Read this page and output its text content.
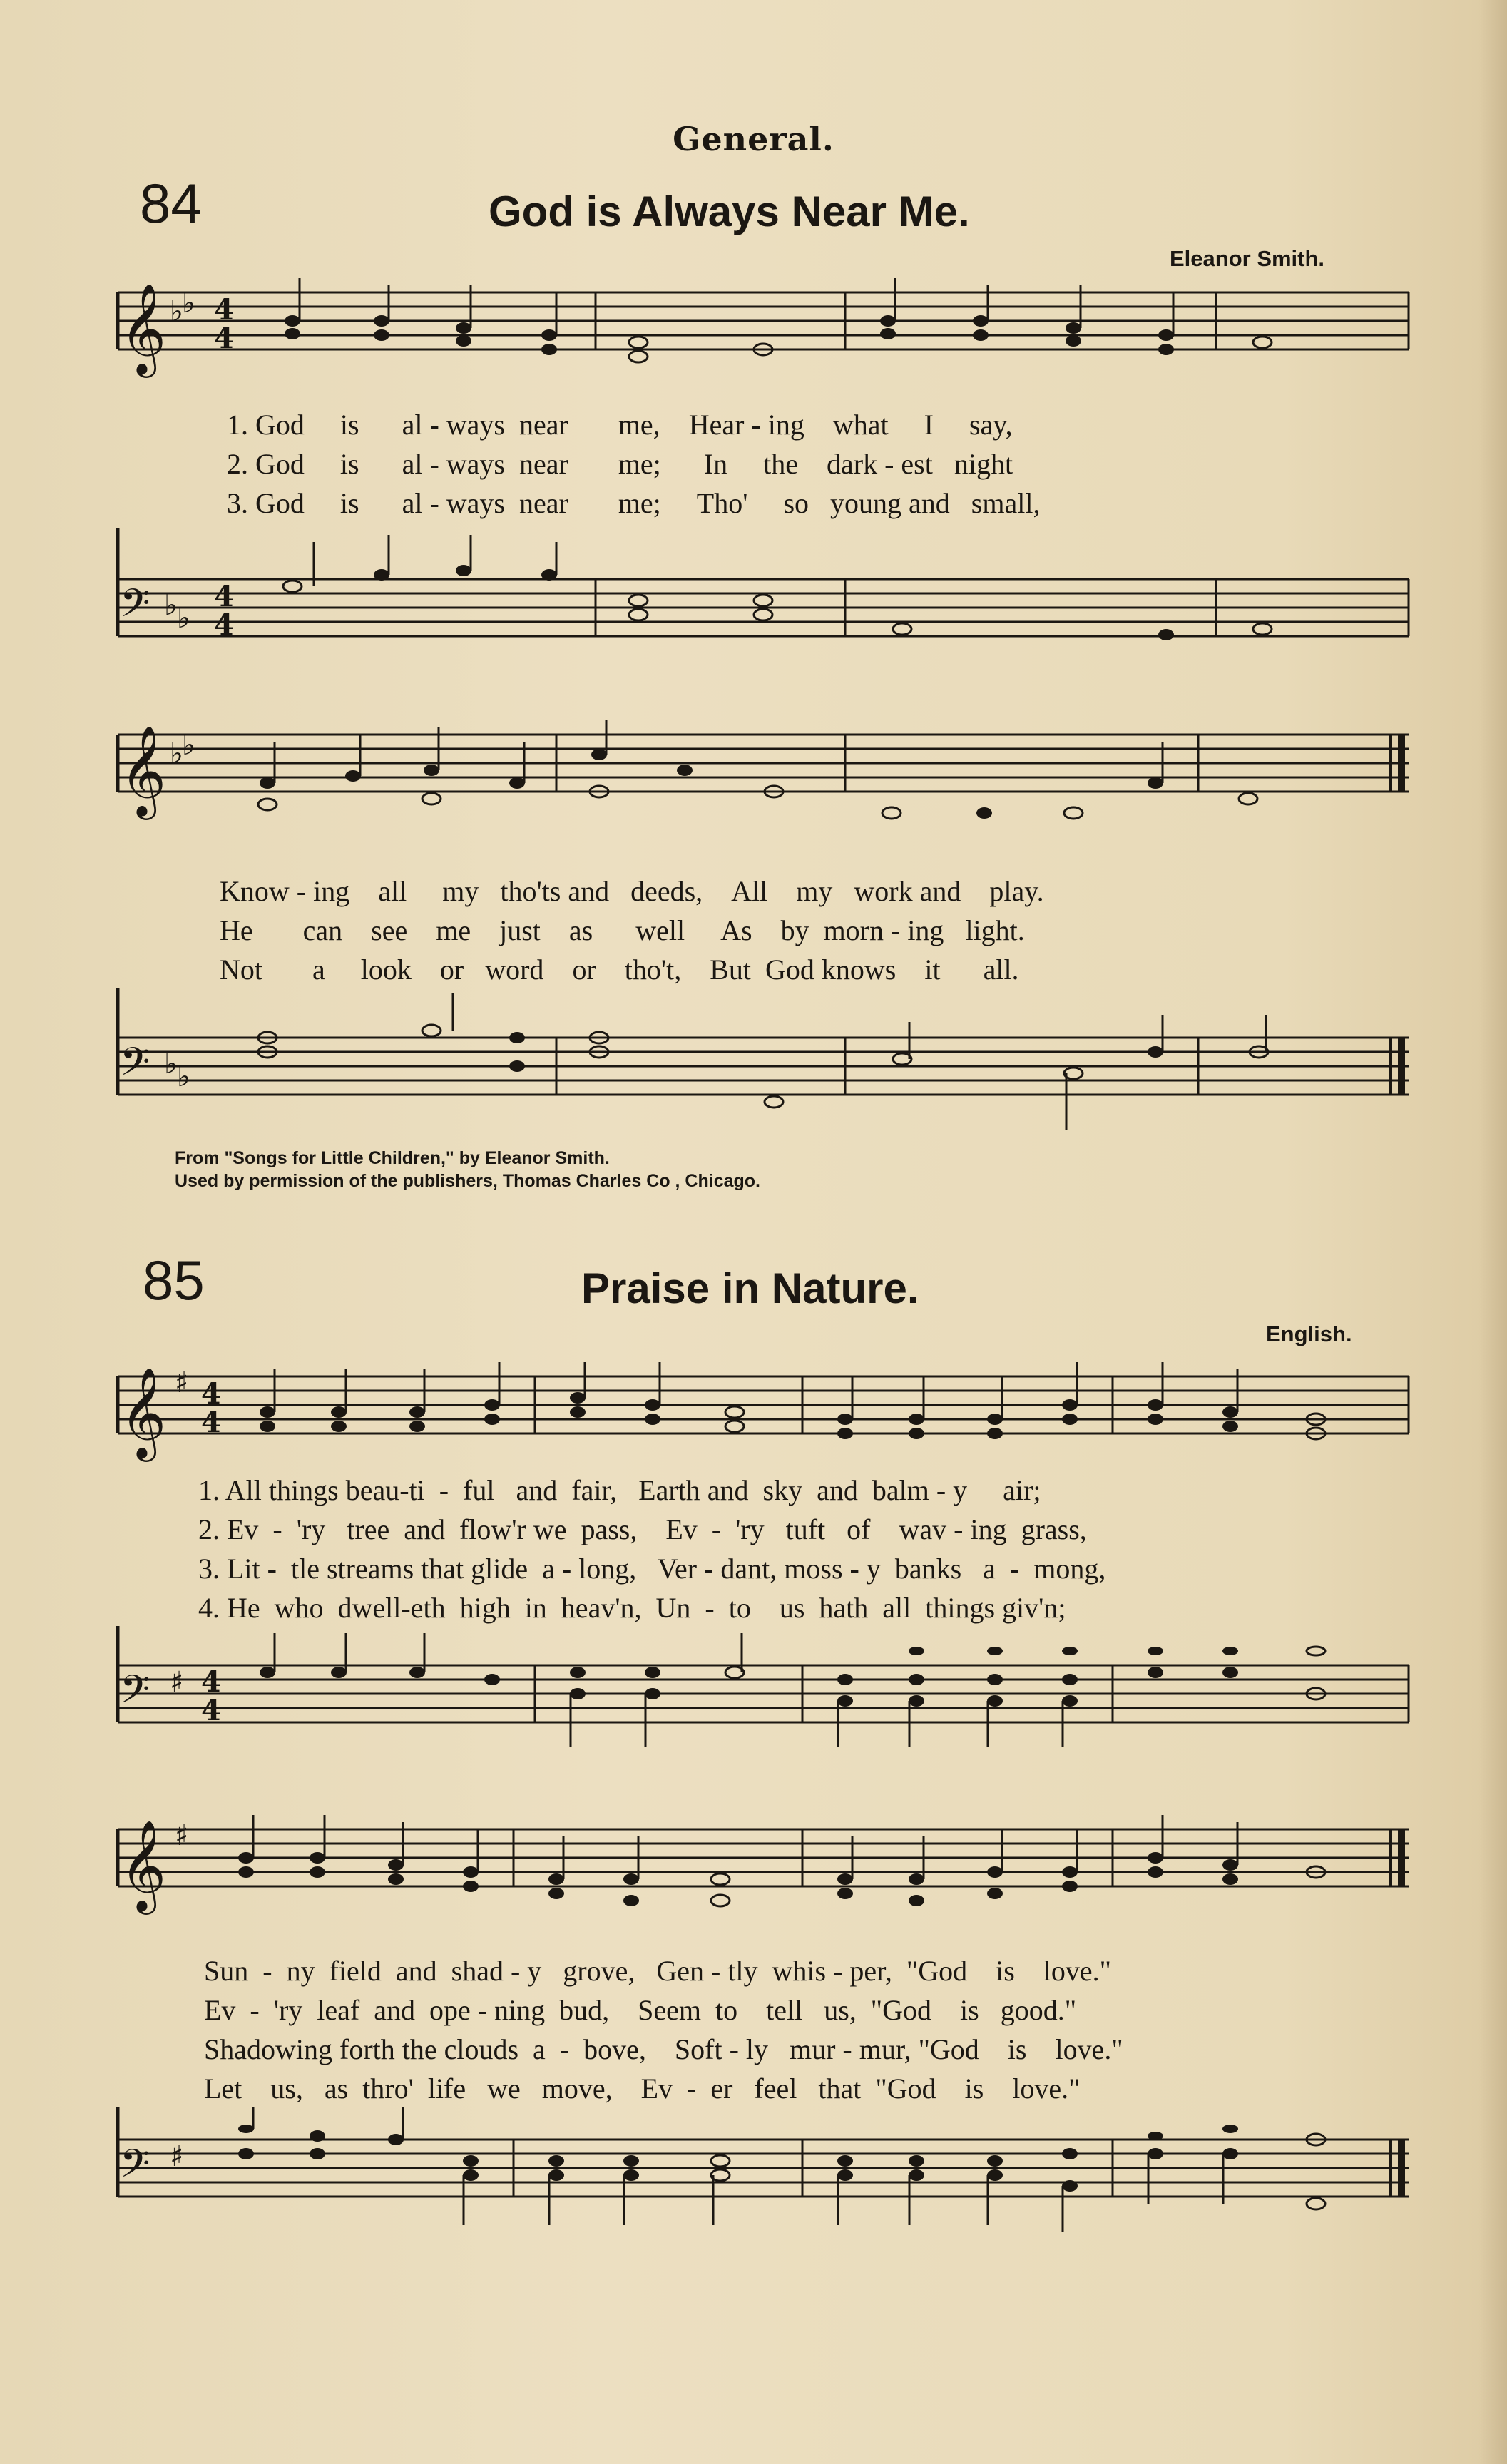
General.
84	God is Always Near Me.
Eleanor Smith.
𝄞 ♭
♭ 4
4
1. God is al - ways near me, Hear - ing what I say,
2. God is al - ways near me; In the dark - est night
3. God is al - ways near me; Tho' so young and small,
𝄢 ♭ ♭
4
4
𝄞 ♭
♭
Know - ing all my tho'ts and deeds, All my work and play.
He can see me just as well As by morn - ing light.
Not a look or word or tho't, But God knows it all.
𝄢 ♭ ♭
From "Songs for Little Children," by Eleanor Smith.
Used by permission of the publishers, Thomas Charles Co , Chicago.
85	Praise in Nature.
English.
𝄞 ♯ 4
4
1. All things beau-ti  -  ful   and  fair,   Earth and  sky  and  balm - y     air;
2. Ev  -  'ry   tree  and  flow'r we  pass,    Ev  -  'ry   tuft   of    wav - ing  grass,
3. Lit -  tle streams that glide  a - long,   Ver - dant, moss - y  banks   a  -  mong,
4. He  who  dwell-eth  high  in  heav'n,  Un  -  to    us  hath  all  things giv'n;
𝄢 ♯ 4
4
𝄞 ♯
Sun  -  ny  field  and  shad - y   grove,   Gen - tly  whis - per,  "God    is    love."
Ev  -  'ry  leaf  and  ope - ning  bud,    Seem  to    tell   us,  "God    is   good."
Shadowing forth the clouds  a  -  bove,    Soft - ly   mur - mur, "God    is    love."
Let    us,   as  thro'  life   we   move,    Ev  -  er   feel   that  "God    is    love."
𝄢 ♯
